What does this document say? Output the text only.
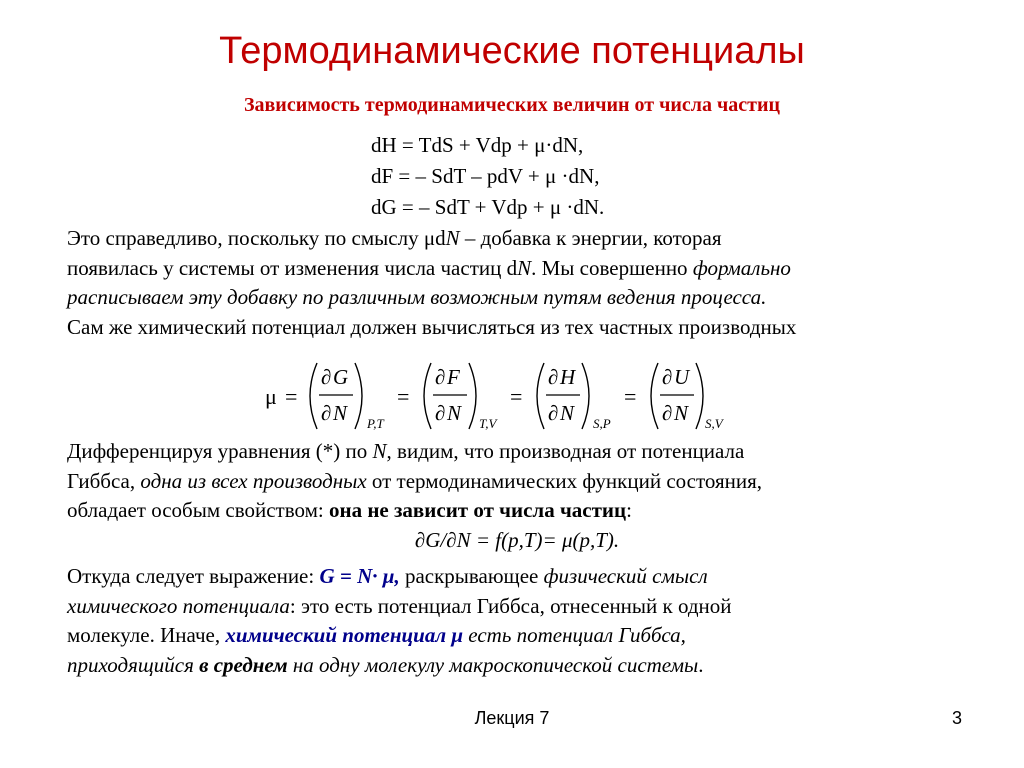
Термодинамические потенциалы
Зависимость термодинамических величин от числа частиц
dH = TdS + Vdp + μ·dN,
dF = – SdT – pdV + μ ·dN,
dG = – SdT + Vdp + μ ·dN.

Это справедливо, поскольку по смыслу μdN – добавка к энергии, которая

появилась у системы от изменения числа частиц dN. Мы совершенно формально

расписываем эту добавку по различным возможным путям ведения процесса.

Сам же химический потенциал должен вычисляться из тех частных производных

μ =
∂ G
∂ N P,T
=
∂ F
∂ N T,V
=
∂ H
∂ N S,P
=
∂ U
∂ N S,V

Дифференцируя уравнения (*) по N, видим, что производная от потенциала

Гиббса, одна из всех производных от термодинамических функций состояния,

обладает особым свойством: она не зависит от числа частиц:

∂G/∂N = f(p,T)= μ(p,T).

Откуда следует выражение: G = N· μ, раскрывающее физический смысл

химического потенциала: это есть потенциал Гиббса, отнесенный к одной

молекуле. Иначе, химический потенциал μ есть потенциал Гиббса,

приходящийся в среднем на одну молекулу макроскопической системы.

Лекция 7	3
